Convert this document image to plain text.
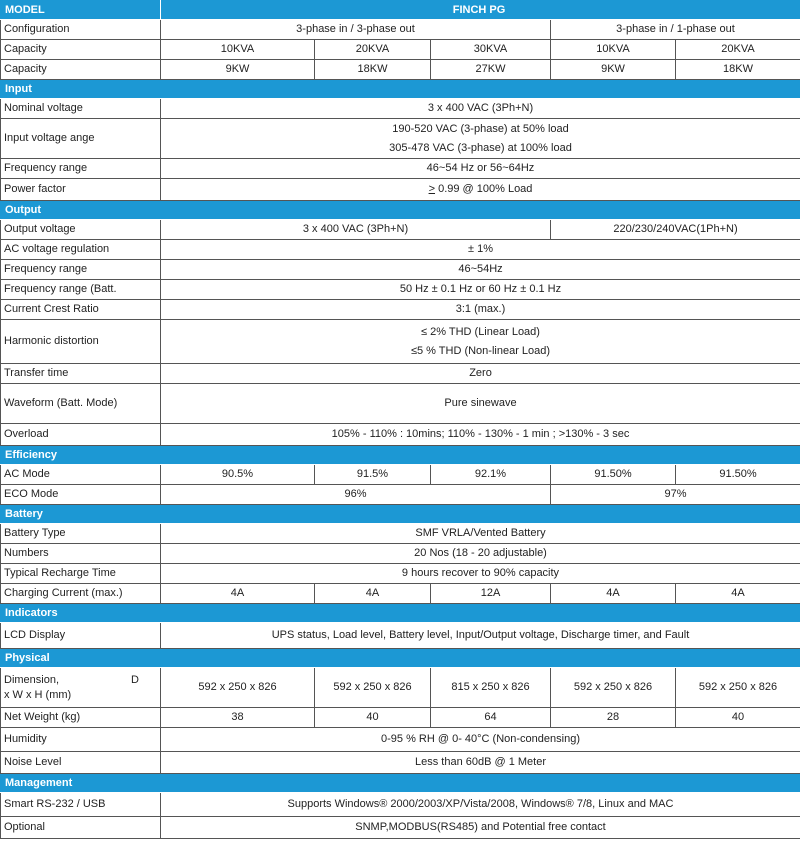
MODEL	FINCH PG				
Configuration	3-phase in / 3-phase out			3-phase in / 1-phase out	
Capacity	10KVA	20KVA	30KVA	10KVA	20KVA
Capacity	9KW	18KW	27KW	9KW	18KW
Input					
Nominal voltage	3 x 400 VAC (3Ph+N)				
Input voltage ange	190-520 VAC (3-phase) at 50% load
305-478 VAC (3-phase) at 100% load				

Frequency range	46~54 Hz or 56~64Hz				
Power factor	> 0.99 @ 100% Load				
Output					
Output voltage	3 x 400 VAC (3Ph+N)			220/230/240VAC(1Ph+N)	
AC voltage regulation	± 1%				
Frequency range	46~54Hz				
Frequency range (Batt.	50 Hz ± 0.1 Hz or 60 Hz ± 0.1 Hz				
Current Crest Ratio	3:1 (max.)				
Harmonic distortion	≤ 2% THD (Linear Load)
≤5 % THD (Non-linear Load)				

Transfer time	Zero				
Waveform (Batt. Mode)	Pure sinewave				
Overload	105% - 110% : 10mins; 110% - 130% - 1 min ; >130% - 3 sec				
Efficiency					
AC Mode	90.5%	91.5%	92.1%	91.50%	91.50%
ECO Mode	96%			97%	
Battery					
Battery Type	SMF VRLA/Vented Battery				
Numbers	20 Nos (18 - 20 adjustable)				
Typical Recharge Time	9 hours recover to 90% capacity				
Charging Current (max.)	4A	4A	12A	4A	4A
Indicators					
LCD Display	UPS status, Load level, Battery level, Input/Output voltage, Discharge timer, and Fault				
Physical					

Dimension, D
x W x H (mm)	592 x 250 x 826	592 x 250 x 826	815 x 250 x 826	592 x 250 x 826	592 x 250 x 826
Net Weight (kg)	38	40	64	28	40
Humidity	0-95 % RH @ 0- 40°C (Non-condensing)				
Noise Level	Less than 60dB @ 1 Meter				
Management					
Smart RS-232 / USB	Supports Windows® 2000/2003/XP/Vista/2008, Windows® 7/8, Linux and MAC				
Optional	SNMP,MODBUS(RS485) and Potential free contact				
